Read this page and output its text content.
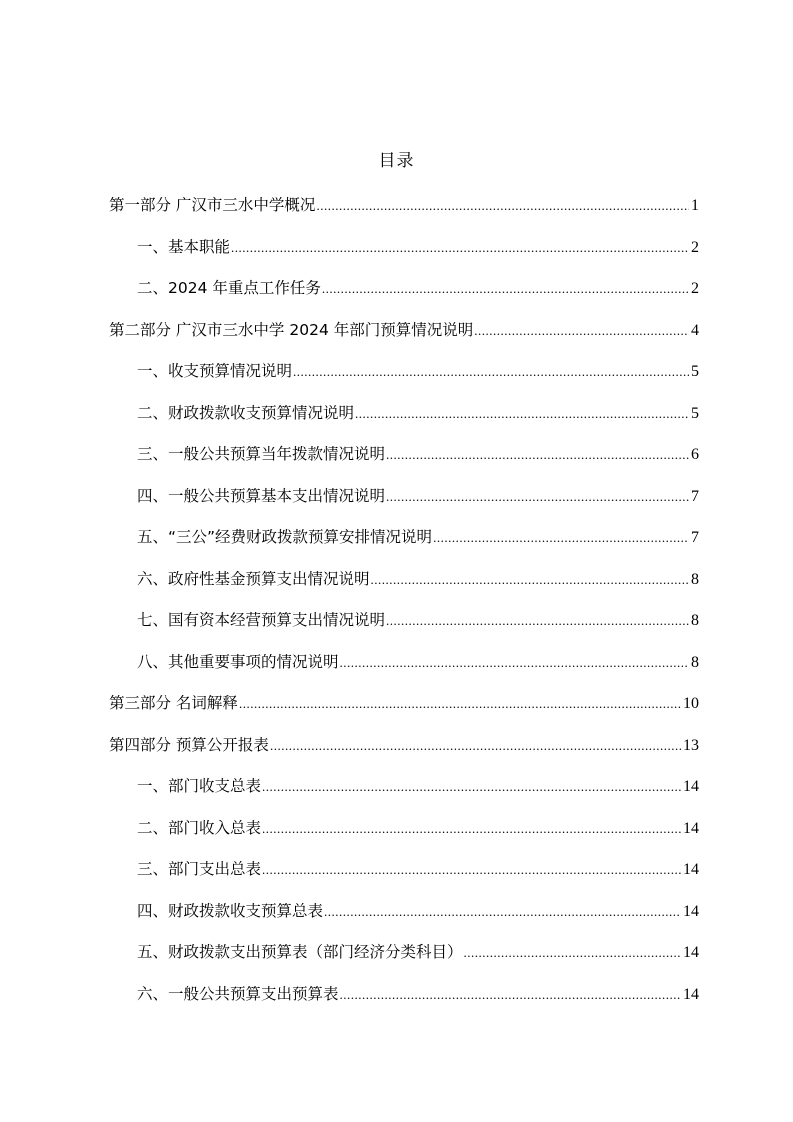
目录
第一部分 广汉市三水中学概况 .....	1
一、基本职能 .....	2
二、2024 年重点工作任务 .....	2
第二部分 广汉市三水中学 2024 年部门预算情况说明 .....	4
一、收支预算情况说明 .....	5
二、财政拨款收支预算情况说明 .....	5
三、一般公共预算当年拨款情况说明 .....	6
四、一般公共预算基本支出情况说明 .....	7
五、“三公”经费财政拨款预算安排情况说明 .....	7
六、政府性基金预算支出情况说明 .....	8
七、国有资本经营预算支出情况说明 .....	8
八、其他重要事项的情况说明 .....	8
第三部分 名词解释 .....	10
第四部分 预算公开报表 .....	13
一、部门收支总表 .....	14
二、部门收入总表 .....	14
三、部门支出总表 .....	14
四、财政拨款收支预算总表 .....	14
五、财政拨款支出预算表（部门经济分类科目） .....	14
六、一般公共预算支出预算表 .....	14
